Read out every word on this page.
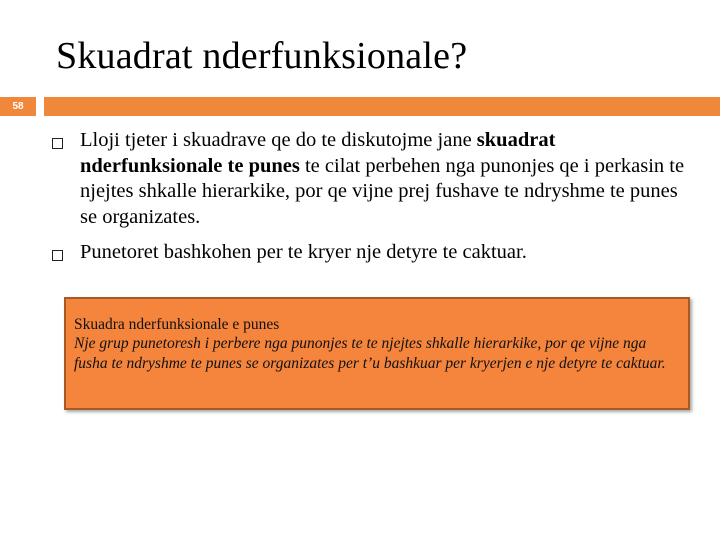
Skuadrat nderfunksionale?
58
Lloji tjeter i skuadrave qe do te diskutojme jane skuadrat nderfunksionale te punes te cilat perbehen nga punonjes qe i perkasin te njejtes shkalle hierarkike, por qe vijne prej fushave te ndryshme te punes se organizates.
Punetoret bashkohen per te kryer nje detyre te caktuar.
Skuadra nderfunksionale e punes
Nje grup punetoresh i perbere nga punonjes te te njejtes shkalle hierarkike, por qe vijne nga fusha te ndryshme te punes se organizates per t’u bashkuar per kryerjen e nje detyre te caktuar.
